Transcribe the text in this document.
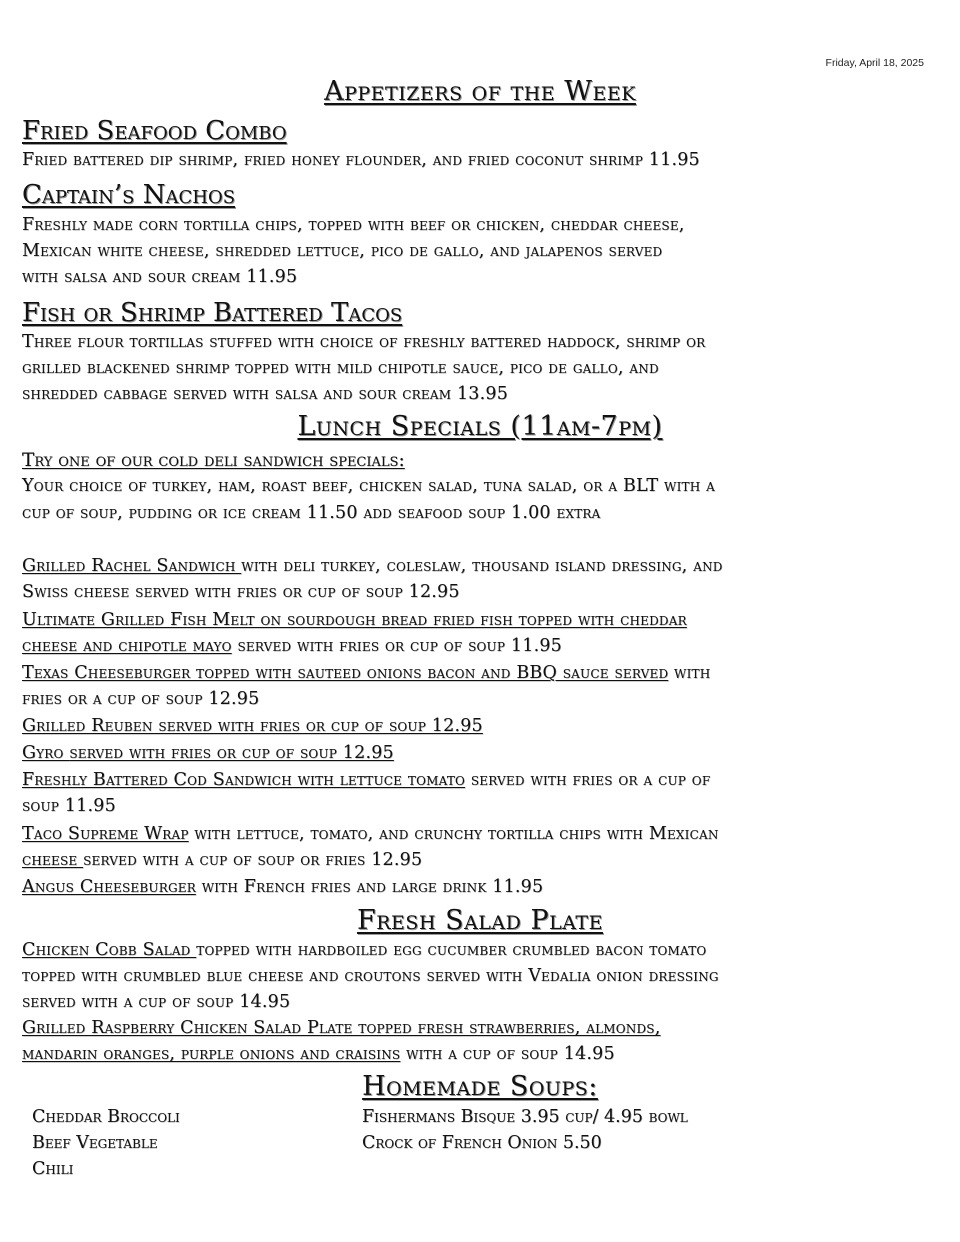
Friday, April 18, 2025
Appetizers of the Week
Fried Seafood Combo
Fried battered dip shrimp, fried honey flounder, and fried coconut shrimp 11.95
Captain’s Nachos
Freshly made corn tortilla chips, topped with beef or chicken, cheddar cheese,
Mexican white cheese, shredded lettuce, pico de gallo, and jalapenos served
with salsa and sour cream 11.95
Fish or Shrimp Battered Tacos
Three flour tortillas stuffed with choice of freshly battered haddock, shrimp or
grilled blackened shrimp topped with mild chipotle sauce, pico de gallo, and
shredded cabbage served with salsa and sour cream 13.95
Lunch Specials (11am-7pm)
Try one of our cold deli sandwich specials:
Your choice of turkey, ham, roast beef, chicken salad, tuna salad, or a BLT with a
cup of soup, pudding or ice cream 11.50 add seafood soup 1.00 extra
Grilled Rachel Sandwich with deli turkey, coleslaw, thousand island dressing, and
Swiss cheese served with fries or cup of soup 12.95
Ultimate Grilled Fish Melt on sourdough bread fried fish topped with cheddar
cheese and chipotle mayo served with fries or cup of soup 11.95
Texas Cheeseburger topped with sauteed onions bacon and BBQ sauce served with
fries or a cup of soup 12.95
Grilled Reuben served with fries or cup of soup 12.95
Gyro served with fries or cup of soup 12.95
Freshly Battered Cod Sandwich with lettuce tomato served with fries or a cup of
soup 11.95
Taco Supreme Wrap with lettuce, tomato, and crunchy tortilla chips with Mexican
cheese served with a cup of soup or fries 12.95
Angus Cheeseburger with French fries and large drink 11.95
Fresh Salad Plate
Chicken Cobb Salad topped with hardboiled egg cucumber crumbled bacon tomato
topped with crumbled blue cheese and croutons served with Vedalia onion dressing
served with a cup of soup 14.95
Grilled Raspberry Chicken Salad Plate topped fresh strawberries, almonds,
mandarin oranges, purple onions and craisins with a cup of soup 14.95
Homemade Soups:
Cheddar Broccoli
Beef Vegetable
Chili
Fishermans Bisque 3.95 cup/ 4.95 bowl
Crock of French Onion 5.50
